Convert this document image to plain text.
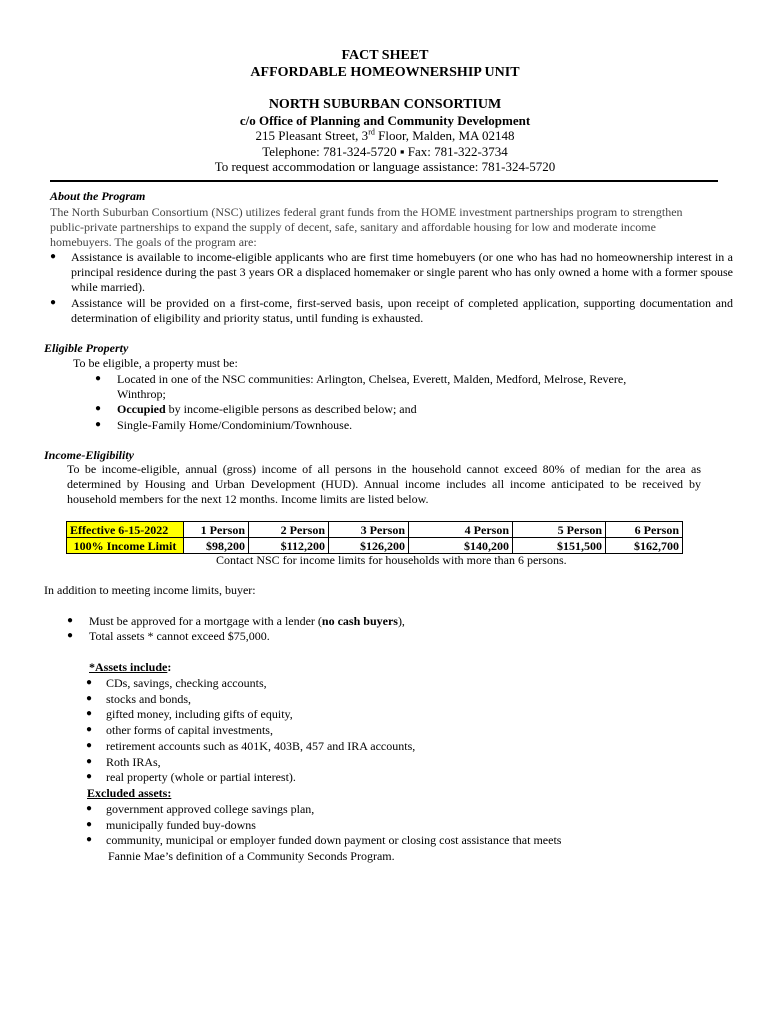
FACT SHEET
AFFORDABLE HOMEOWNERSHIP UNIT
NORTH SUBURBAN CONSORTIUM
c/o Office of Planning and Community Development
215 Pleasant Street, 3rd Floor, Malden, MA 02148
Telephone: 781-324-5720 ▪ Fax: 781-322-3734
To request accommodation or language assistance: 781-324-5720
About the Program
The North Suburban Consortium (NSC) utilizes federal grant funds from the HOME investment partnerships program to strengthen
public-private partnerships to expand the supply of decent, safe, sanitary and affordable housing for low and moderate income
homebuyers. The goals of the program are:
● Assistance is available to income-eligible applicants who are first time homebuyers (or one who has had no homeownership interest in a principal residence during the past 3 years OR a displaced homemaker or single parent who has only owned a home with a former spouse while married).
● Assistance will be provided on a first-come, first-served basis, upon receipt of completed application, supporting documentation and determination of eligibility and priority status, until funding is exhausted.
Eligible Property
To be eligible, a property must be:
● Located in one of the NSC communities: Arlington, Chelsea, Everett, Malden, Medford, Melrose, Revere,
Winthrop;
● Occupied by income-eligible persons as described below; and
● Single-Family Home/Condominium/Townhouse.
Income-Eligibility
To be income-eligible, annual (gross) income of all persons in the household cannot exceed 80% of median for the area as determined by Housing and Urban Development (HUD). Annual income includes all income anticipated to be received by household members for the next 12 months. Income limits are listed below.
Effective 6-15-2022	1 Person	2 Person	3 Person	4 Person	5 Person	6 Person
100% Income Limit	$98,200	$112,200	$126,200	$140,200	$151,500	$162,700
Contact NSC for income limits for households with more than 6 persons.
In addition to meeting income limits, buyer:
● Must be approved for a mortgage with a lender (no cash buyers),
● Total assets * cannot exceed $75,000.
*Assets include:
● CDs, savings, checking accounts,
● stocks and bonds,
● gifted money, including gifts of equity,
● other forms of capital investments,
● retirement accounts such as 401K, 403B, 457 and IRA accounts,
● Roth IRAs,
● real property (whole or partial interest).
Excluded assets:
● government approved college savings plan,
● municipally funded buy-downs
● community, municipal or employer funded down payment or closing cost assistance that meets
Fannie Mae’s definition of a Community Seconds Program.
